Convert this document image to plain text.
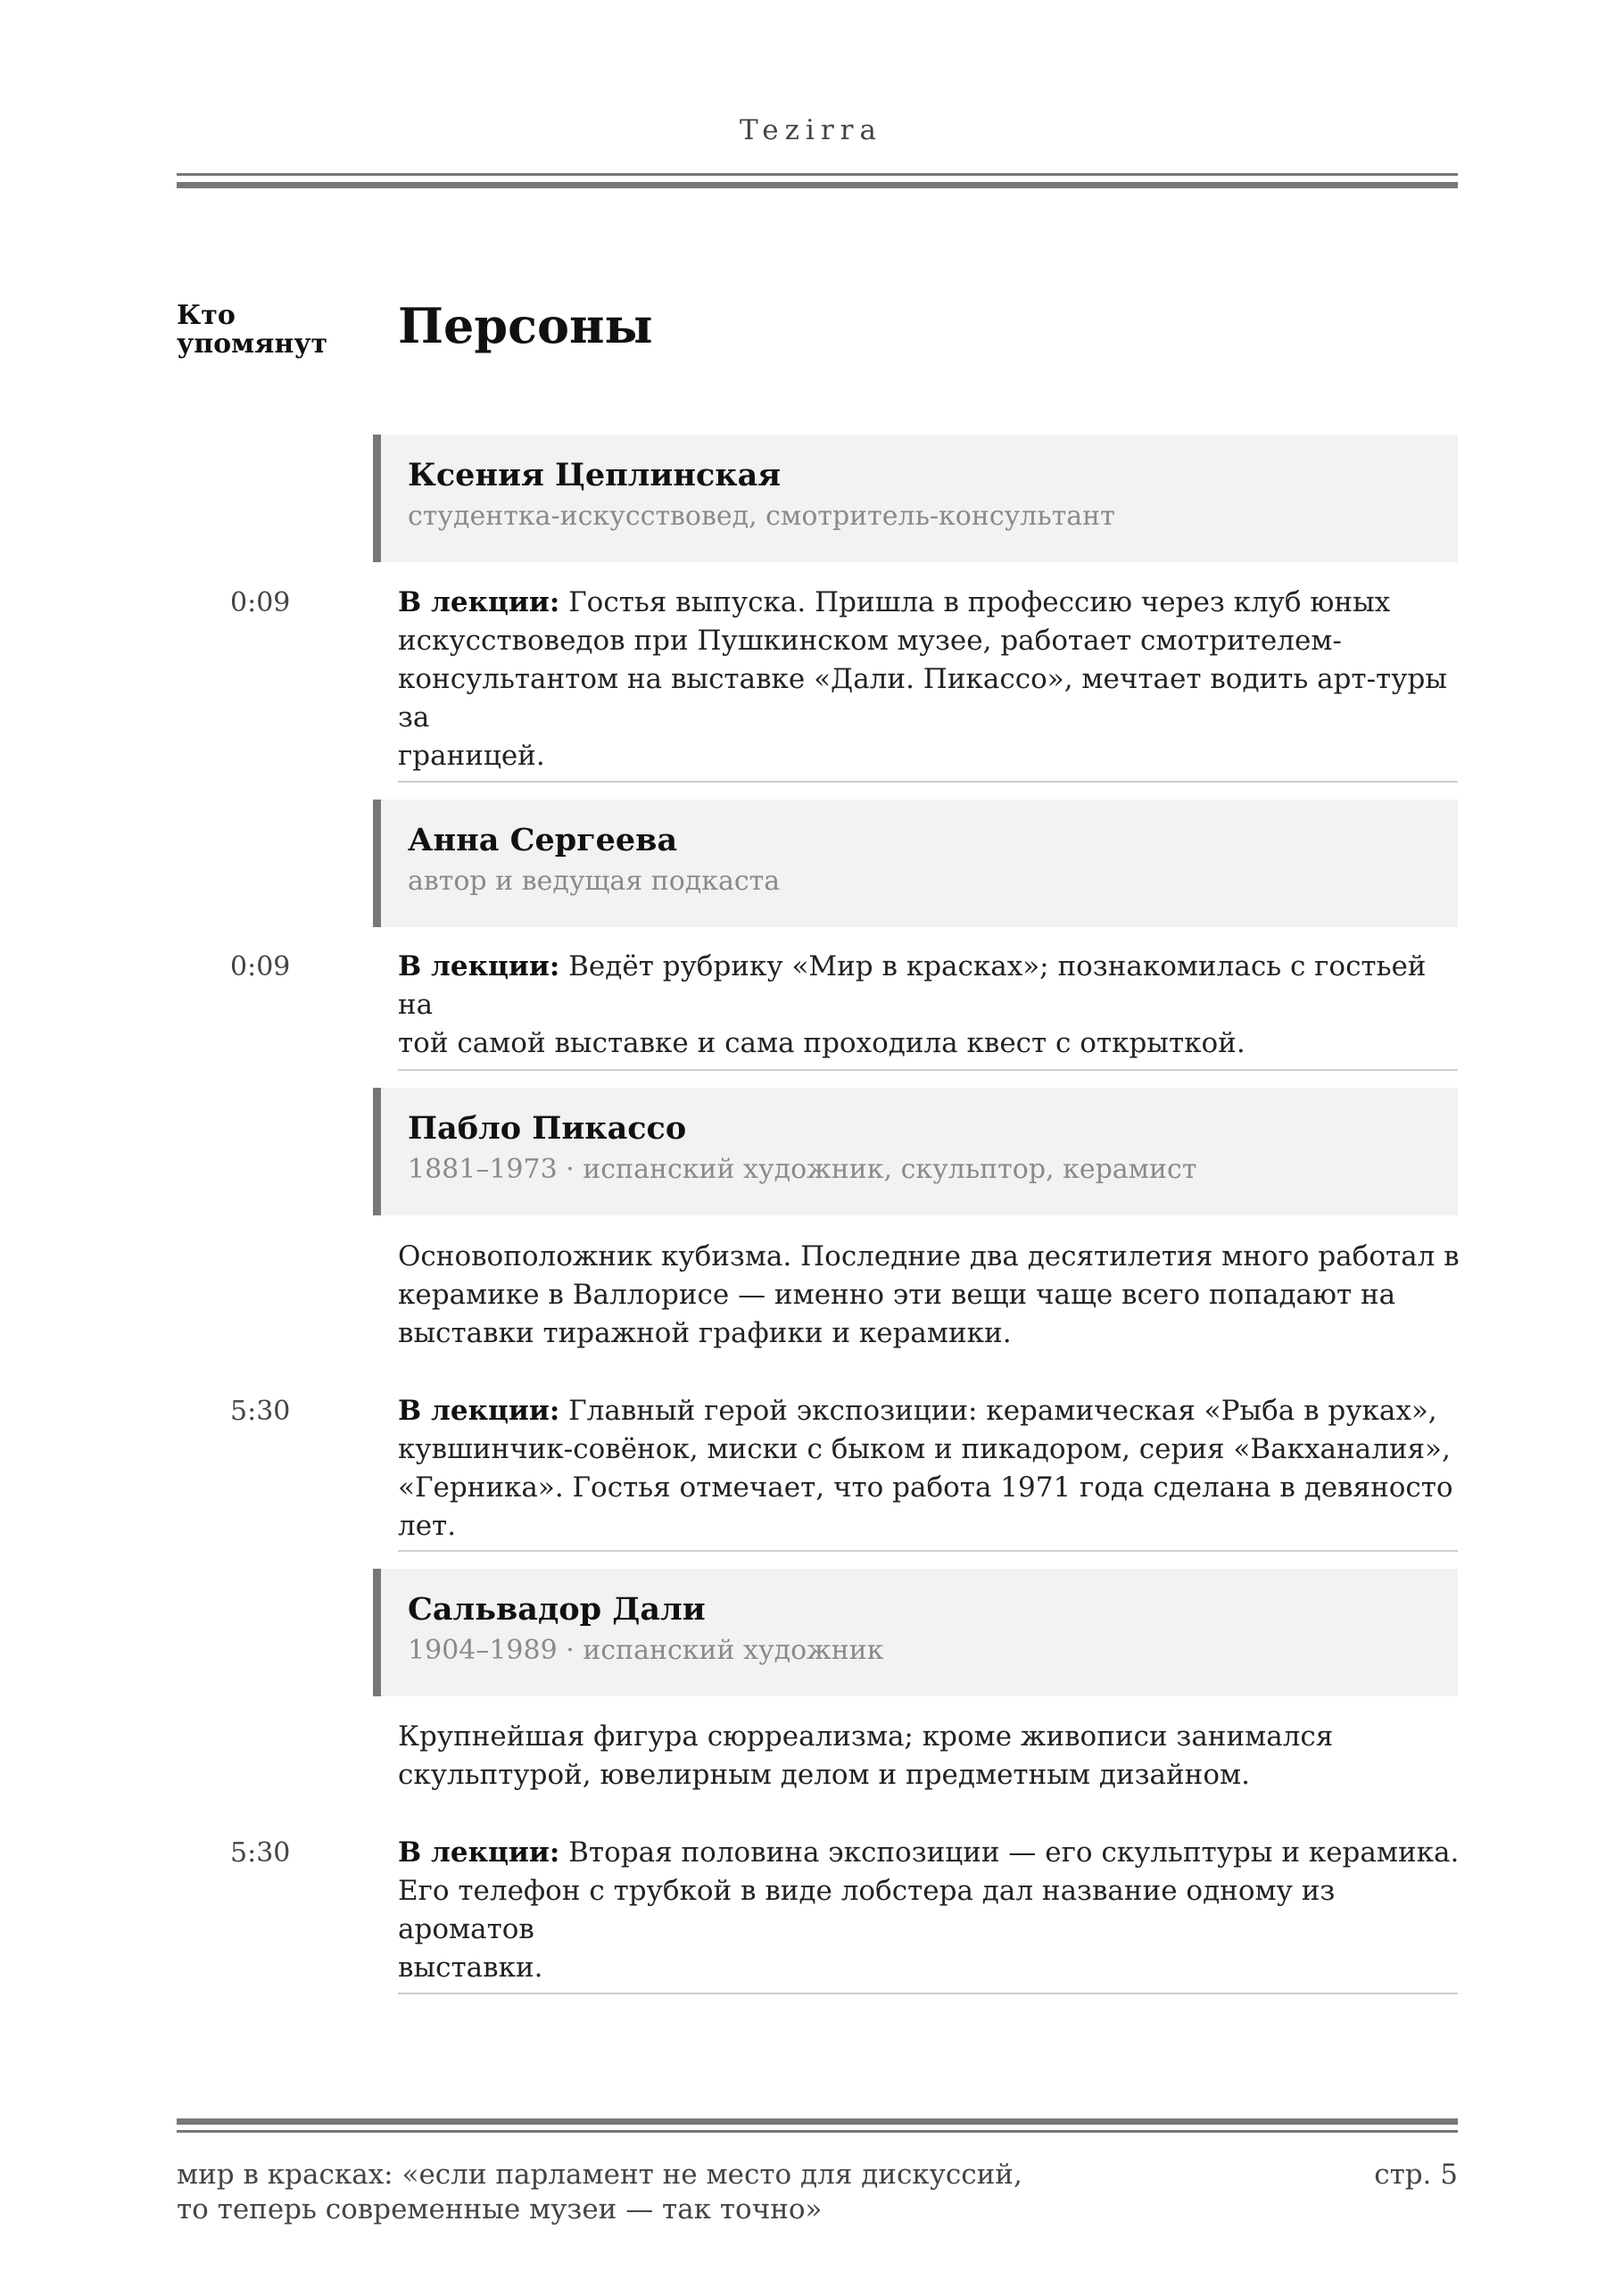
Tezirra
Кто
упомянут Персоны
Ксения Цеплинская
студентка-искусствовед, смотритель-консультант
0:09	В лекции: Гостья выпуска. Пришла в профессию через клуб юных
искусствоведов при Пушкинском музее, работает смотрителем-
консультантом на выставке «Дали. Пикассо», мечтает водить арт-туры за
границей.
Анна Сергеева
автор и ведущая подкаста
0:09	В лекции: Ведёт рубрику «Мир в красках»; познакомилась с гостьей на
той самой выставке и сама проходила квест с открыткой.
Пабло Пикассо
1881–1973 · испанский художник, скульптор, керамист
Основоположник кубизма. Последние два десятилетия много работал в
керамике в Валлорисе — именно эти вещи чаще всего попадают на
выставки тиражной графики и керамики.
5:30	В лекции: Главный герой экспозиции: керамическая «Рыба в руках»,
кувшинчик-совёнок, миски с быком и пикадором, серия «Вакханалия»,
«Герника». Гостья отмечает, что работа 1971 года сделана в девяносто лет.
Сальвадор Дали
1904–1989 · испанский художник
Крупнейшая фигура сюрреализма; кроме живописи занимался
скульптурой, ювелирным делом и предметным дизайном.
5:30	В лекции: Вторая половина экспозиции — его скульптуры и керамика.
Его телефон с трубкой в виде лобстера дал название одному из ароматов
выставки.
мир в красках: «если парламент не место для дискуссий,
то теперь современные музеи — так точно»
стр. 5
